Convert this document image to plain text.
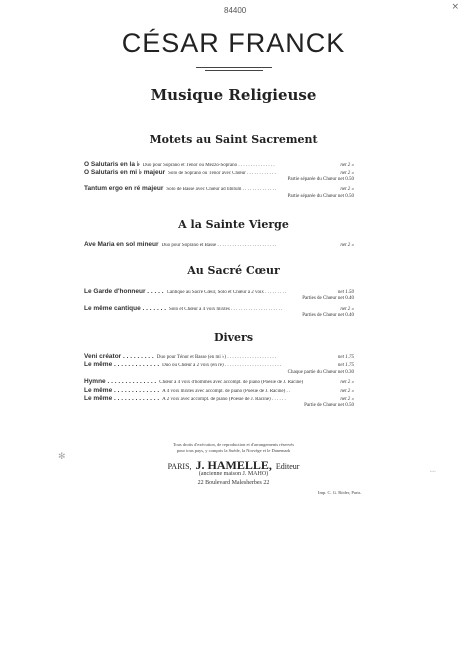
84400	×
CÉSAR FRANCK
Musique Religieuse
Motets au Saint Sacrement
O Salutaris en la ♭ Duo pour Soprano et Ténor ou Mezzo-Soprano . . . . . . . . . . . . . . .	net 2 »
O Salutaris en mi ♭ majeur Solo de Soprano ou Ténor avec Chœur . . . . . . . . . . . .	net 2 »
Partie séparée du Chœur net 0.50
Tantum ergo en ré majeur Solo de Basse avec Chœur ad libitum . . . . . . . . . . . . . .	net 2 »
Partie séparée du Chœur net 0.50
A la Sainte Vierge
Ave Maria en sol mineur Duo pour Soprano et Basse . . . . . . . . . . . . . . . . . . . . . . . .	net 2 »
Au Sacré Cœur
Le Garde d'honneur . . . . . Cantique au Sacré Cœur, Solo et Chœur à 2 voix . . . . . . . . .	net 1.50
Parties de Chœur net 0.40
Le même cantique . . . . . . . Solo et Chœur à 4 voix mixtes . . . . . . . . . . . . . . . . . . . . .	net 2 »
Parties de Chœur net 0.40
Divers
Veni créator . . . . . . . . . Duo pour Ténor et Basse (en mi ♭) . . . . . . . . . . . . . . . . . . . .	net 1.75
Le même . . . . . . . . . . . . . Duo ou Chœur à 2 voix (en ré) . . . . . . . . . . . . . . . . . . . . . . .	net 1.75
Chaque partie du Chœur net 0.30
Hymne . . . . . . . . . . . . . . Chœur à 4 voix d'hommes avec accompt. de piano (Poésie de J. Racine)	net 2 »
Le même . . . . . . . . . . . . . A 4 voix mixtes avec accompt. de piano (Poésie de J. Racine) . .	net 2 »
Le même . . . . . . . . . . . . . A 2 voix avec accompt. de piano (Poésie de J. Racine) . . . . . .	net 2 »
Partie de Chœur net 0.50
Tous droits d'exécution, de reproduction et d'arrangements réservés
pour tous pays, y compris la Suède, la Norvège et le Danemark
PARIS, J. HAMELLE, Editeur
(ancienne maison J. MAHO)
22 Boulevard Malesherbes 22
Imp. C. G. Röder, Paris.
✻
⁞
